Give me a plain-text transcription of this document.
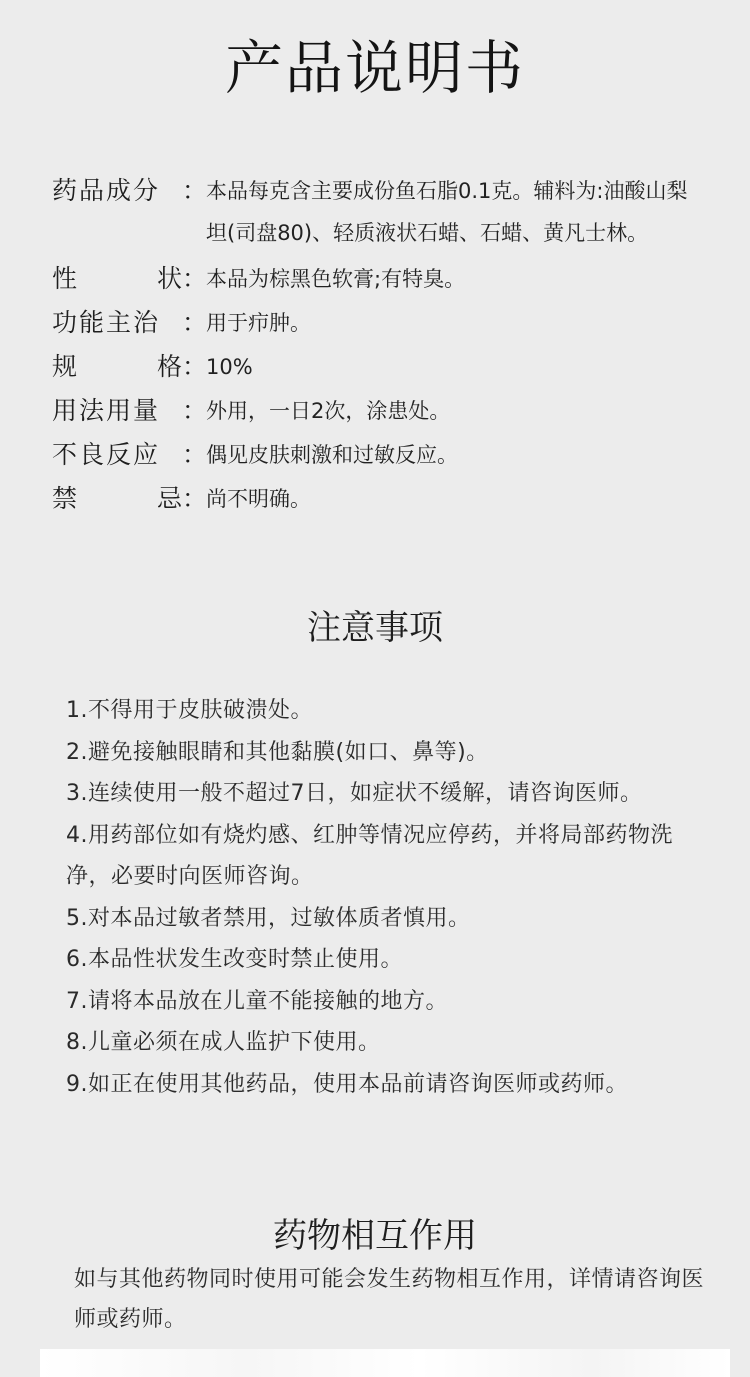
产品说明书
药品成分 ：
本品每克含主要成份鱼石脂0.1克。辅料为:油酸山梨坦(司盘80)、轻质液状石蜡、石蜡、黄凡士林。
性	状 ：
本品为棕黑色软膏;有特臭。
功能主治 ：
用于疖肿。
规	格 ：
10%
用法用量 ：
外用，一日2次，涂患处。
不良反应 ：
偶见皮肤刺激和过敏反应。
禁	忌 ：
尚不明确。
注意事项
1.不得用于皮肤破溃处。
2.避免接触眼睛和其他黏膜(如口、鼻等)。
3.连续使用一般不超过7日，如症状不缓解，请咨询医师。
4.用药部位如有烧灼感、红肿等情况应停药，并将局部药物洗净，必要时向医师咨询。
5.对本品过敏者禁用，过敏体质者慎用。
6.本品性状发生改变时禁止使用。
7.请将本品放在儿童不能接触的地方。
8.儿童必须在成人监护下使用。
9.如正在使用其他药品，使用本品前请咨询医师或药师。
药物相互作用
如与其他药物同时使用可能会发生药物相互作用，详情请咨询医师或药师。
